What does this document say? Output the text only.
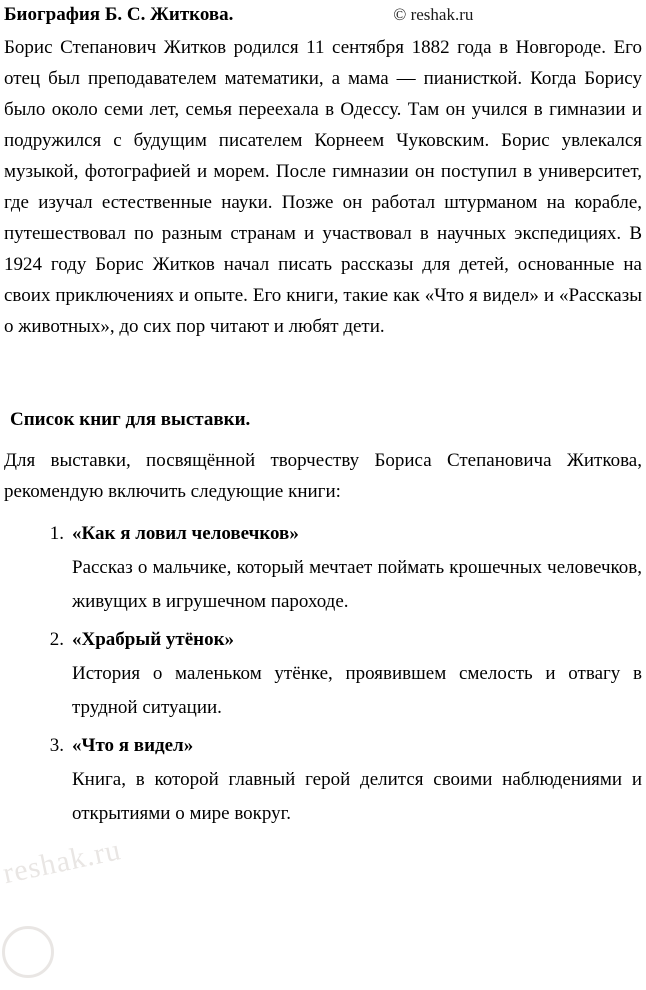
Биография Б. С. Житкова.	© reshak.ru

Борис Степанович Житков родился 11 сентября 1882 года в Новгороде. Его отец был преподавателем математики, а мама — пианисткой. Когда Борису было около семи лет, семья переехала в Одессу. Там он учился в гимназии и подружился с будущим писателем Корнеем Чуковским. Борис увлекался музыкой, фотографией и морем. После гимназии он поступил в университет, где изучал естественные науки. Позже он работал штурманом на корабле, путешествовал по разным странам и участвовал в научных экспедициях. В 1924 году Борис Житков начал писать рассказы для детей, основанные на своих приключениях и опыте. Его книги, такие как «Что я видел» и «Рассказы о животных», до сих пор читают и любят дети.

Список книг для выставки.

Для выставки, посвящённой творчеству Бориса Степановича Житкова, рекомендую включить следующие книги:

«Как я ловил человечков»

Рассказ о мальчике, который мечтает поймать крошечных человечков, живущих в игрушечном пароходе.

«Храбрый утёнок»

История о маленьком утёнке, проявившем смелость и отвагу в трудной ситуации.

«Что я видел»

Книга, в которой главный герой делится своими наблюдениями и открытиями о мире вокруг.

reshak.ru
